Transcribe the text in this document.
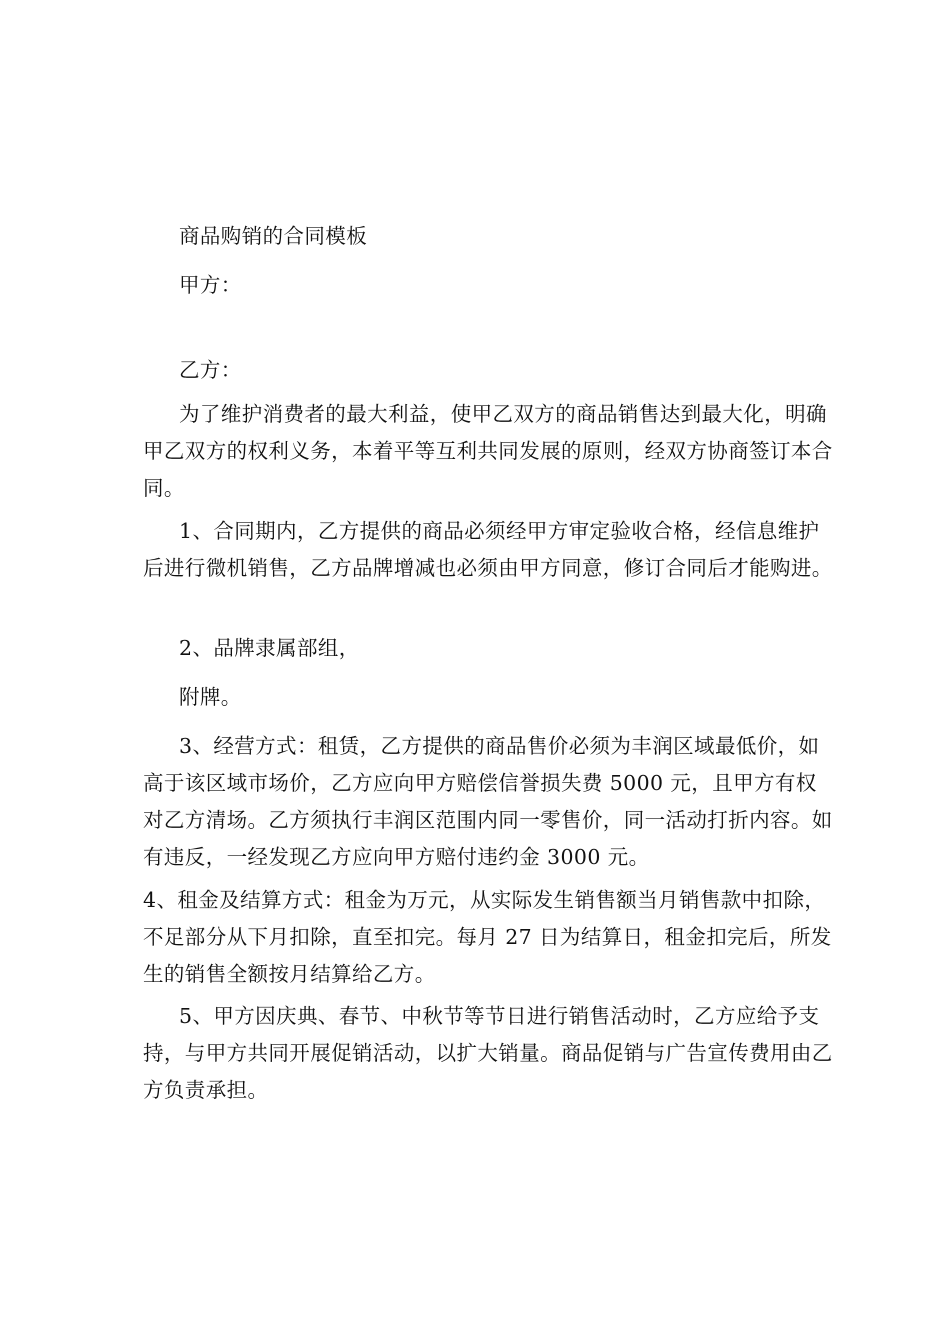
商品购销的合同模板
甲方：
乙方：
为了维护消费者的最大利益，使甲乙双方的商品销售达到最大化，明确甲乙双方的权利义务，本着平等互利共同发展的原则，经双方协商签订本合同。
1、合同期内，乙方提供的商品必须经甲方审定验收合格，经信息维护后进行微机销售，乙方品牌增减也必须由甲方同意，修订合同后才能购进。
2、品牌隶属部组，
附牌。
3、经营方式：租赁，乙方提供的商品售价必须为丰润区域最低价，如高于该区域市场价，乙方应向甲方赔偿信誉损失费 5000 元，且甲方有权对乙方清场。乙方须执行丰润区范围内同一零售价，同一活动打折内容。如有违反，一经发现乙方应向甲方赔付违约金 3000 元。
4、租金及结算方式：租金为万元，从实际发生销售额当月销售款中扣除，不足部分从下月扣除，直至扣完。每月 27 日为结算日，租金扣完后，所发生的销售全额按月结算给乙方。
5、甲方因庆典、春节、中秋节等节日进行销售活动时，乙方应给予支持，与甲方共同开展促销活动，以扩大销量。商品促销与广告宣传费用由乙方负责承担。
